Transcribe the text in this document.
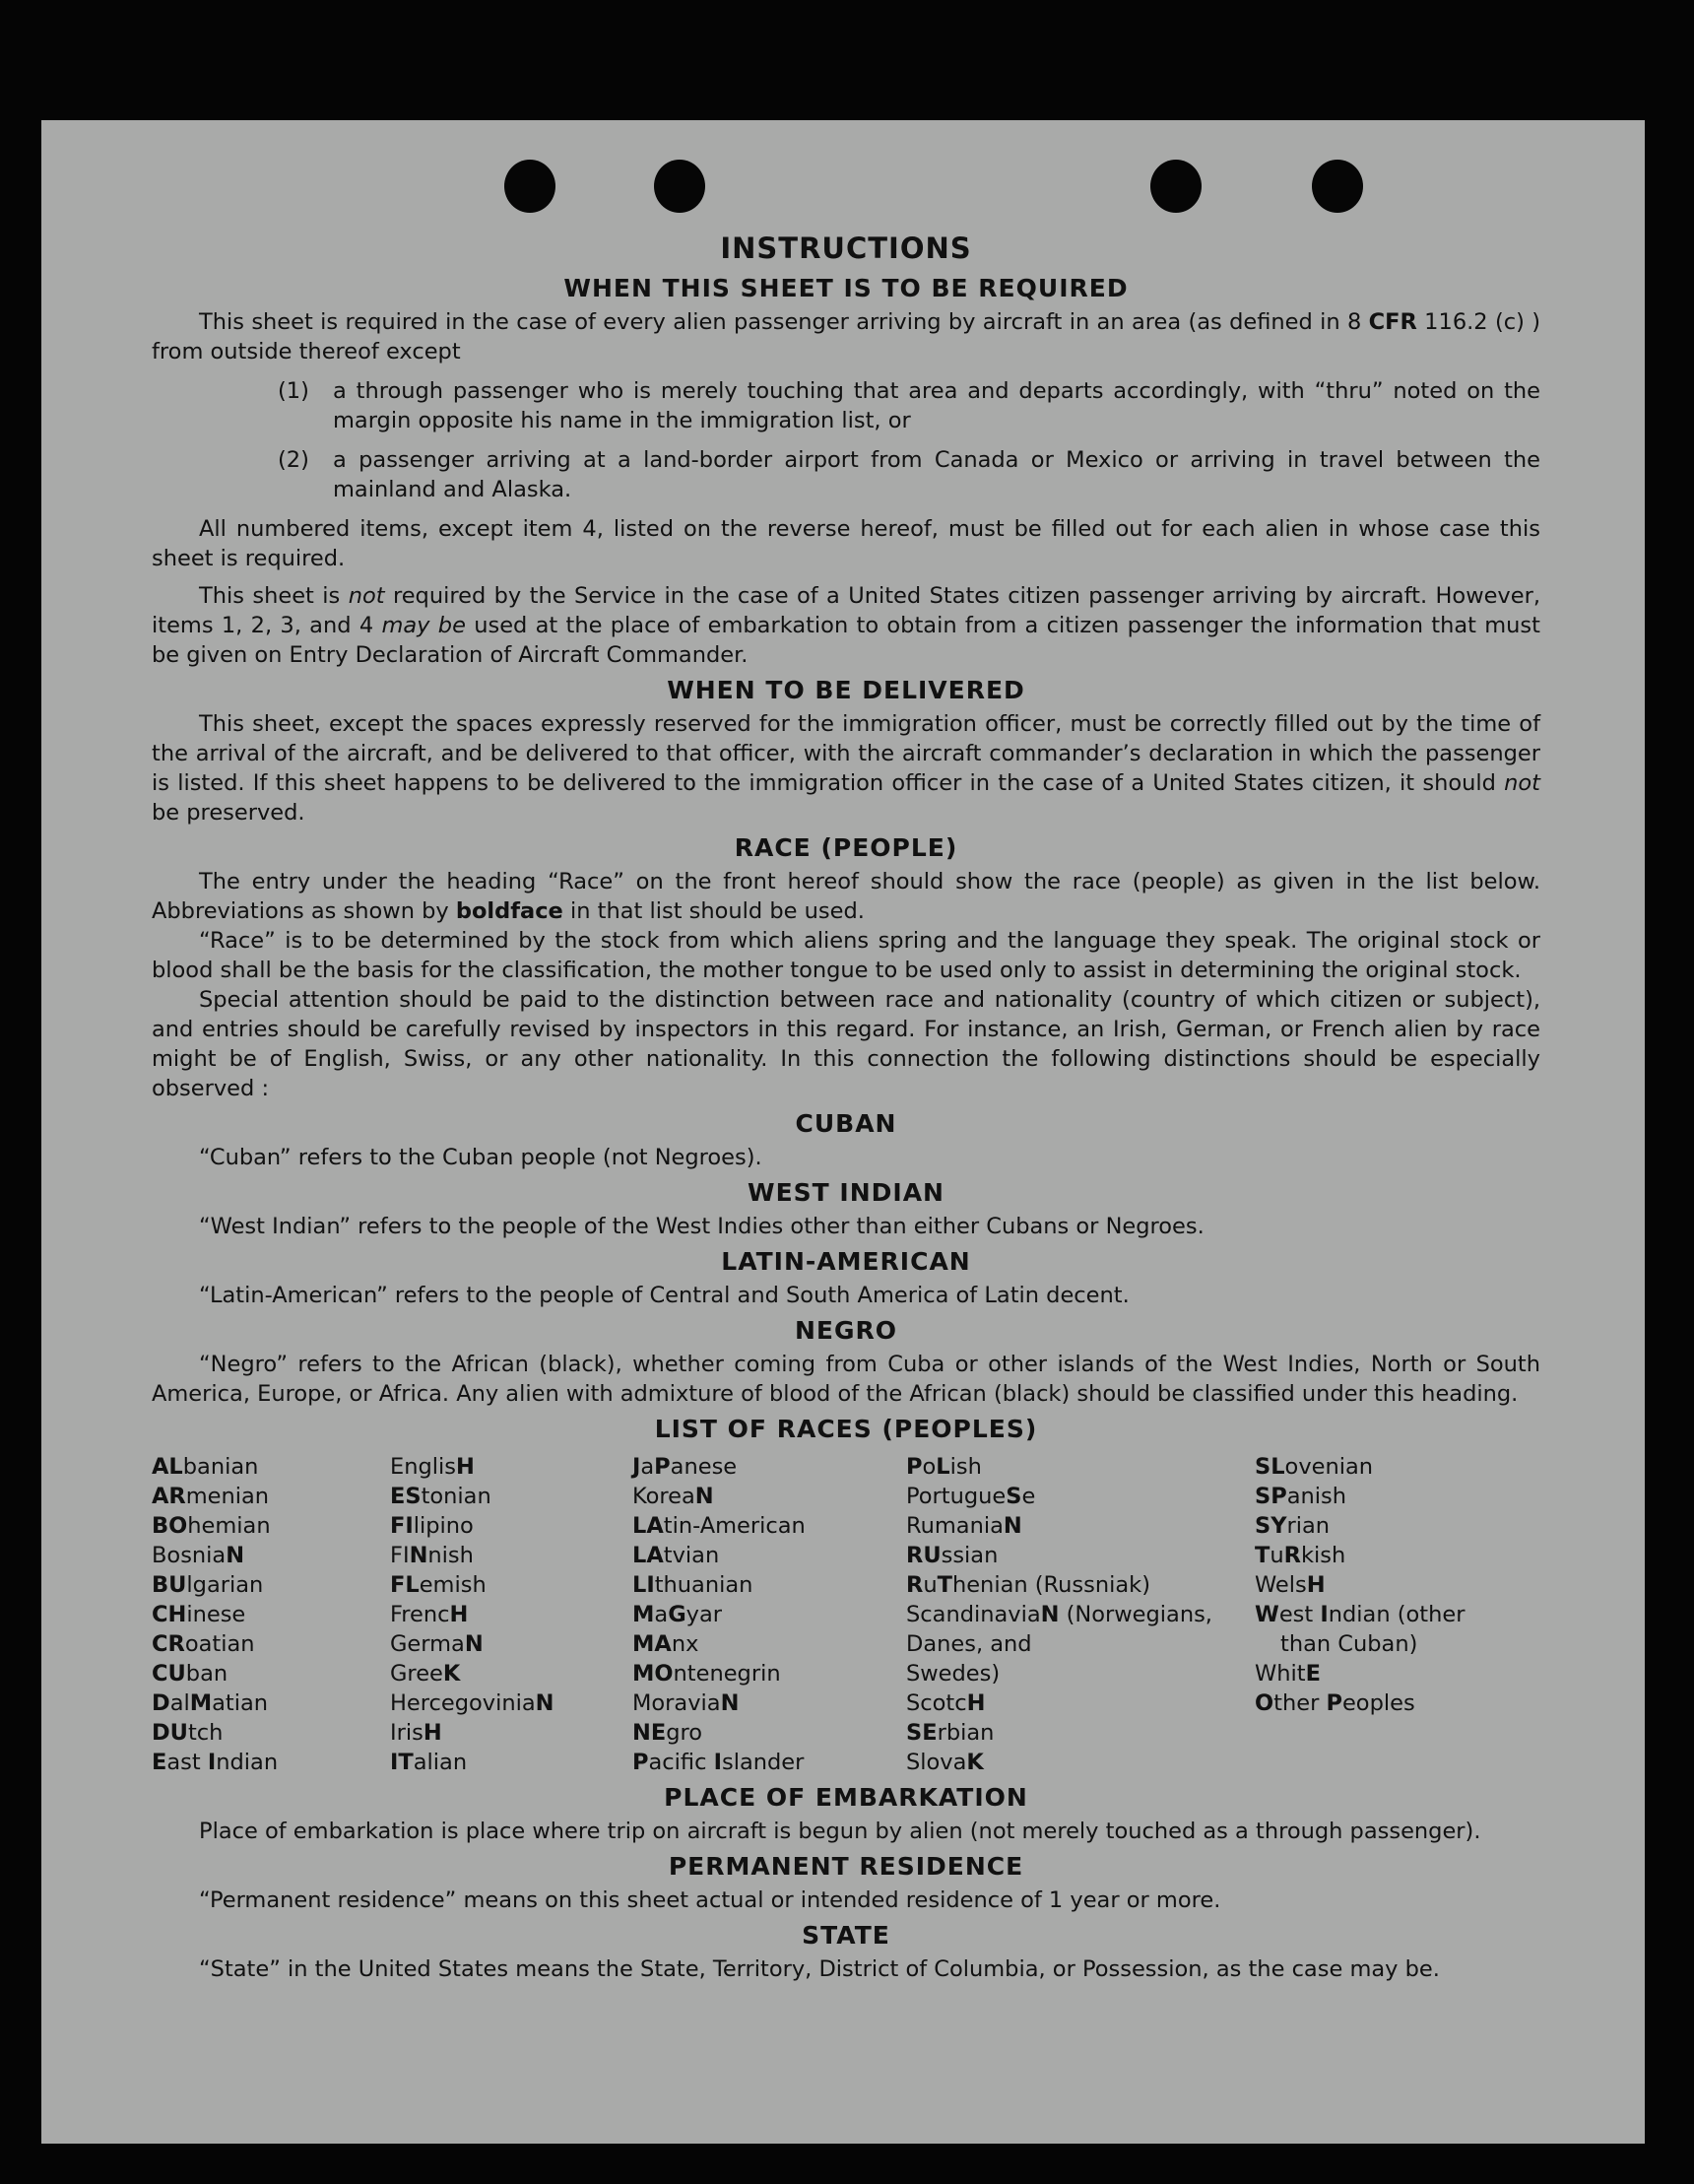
INSTRUCTIONS
WHEN THIS SHEET IS TO BE REQUIRED

This sheet is required in the case of every alien passenger arriving by aircraft in an area (as defined in 8 CFR 116.2 (c) ) from outside thereof except

(1)	a through passenger who is merely touching that area and departs accordingly, with “thru” noted on the margin opposite his name in the immigration list, or
(2)	a passenger arriving at a land-border airport from Canada or Mexico or arriving in travel between the mainland and Alaska.

All numbered items, except item 4, listed on the reverse hereof, must be filled out for each alien in whose case this sheet is required.

This sheet is not required by the Service in the case of a United States citizen passenger arriving by aircraft. However, items 1, 2, 3, and 4 may be used at the place of embarkation to obtain from a citizen passenger the information that must be given on Entry Declaration of Aircraft Commander.

WHEN TO BE DELIVERED

This sheet, except the spaces expressly reserved for the immigration officer, must be correctly filled out by the time of the arrival of the aircraft, and be delivered to that officer, with the aircraft commander’s declaration in which the passenger is listed. If this sheet happens to be delivered to the immigration officer in the case of a United States citizen, it should not be preserved.

RACE (PEOPLE)

The entry under the heading “Race” on the front hereof should show the race (people) as given in the list below. Abbreviations as shown by boldface in that list should be used.

“Race” is to be determined by the stock from which aliens spring and the language they speak. The original stock or blood shall be the basis for the classification, the mother tongue to be used only to assist in determining the original stock.

Special attention should be paid to the distinction between race and nationality (country of which citizen or subject), and entries should be carefully revised by inspectors in this regard. For instance, an Irish, German, or French alien by race might be of English, Swiss, or any other nationality. In this connection the following distinctions should be especially observed :

CUBAN

“Cuban” refers to the Cuban people (not Negroes).

WEST INDIAN

“West Indian” refers to the people of the West Indies other than either Cubans or Negroes.

LATIN-AMERICAN

“Latin-American” refers to the people of Central and South America of Latin decent.

NEGRO

“Negro” refers to the African (black), whether coming from Cuba or other islands of the West Indies, North or South America, Europe, or Africa. Any alien with admixture of blood of the African (black) should be classified under this heading.

LIST OF RACES (PEOPLES)
ALbanian
ARmenian
BOhemian
BosniaN
BUlgarian
CHinese
CRoatian
CUban
DalMatian
DUtch
East Indian
EnglisH
EStonian
FIlipino
FINnish
FLemish
FrencH
GermaN
GreeK
HercegoviniaN
IrisH
ITalian
JaPanese
KoreaN
LAtin-American
LAtvian
LIthuanian
MaGyar
MAnx
MOntenegrin
MoraviaN
NEgro
Pacific Islander
PoLish
PortugueSe
RumaniaN
RUssian
RuThenian (Russniak)
ScandinaviaN (Norwegians,
Danes, and
Swedes)
ScotcH
SErbian
SlovaK
SLovenian
SPanish
SYrian
TuRkish
WelsH
West Indian (other
than Cuban)
WhitE
Other Peoples
PLACE OF EMBARKATION

Place of embarkation is place where trip on aircraft is begun by alien (not merely touched as a through passenger).

PERMANENT RESIDENCE

“Permanent residence” means on this sheet actual or intended residence of 1 year or more.

STATE

“State” in the United States means the State, Territory, District of Columbia, or Possession, as the case may be.
